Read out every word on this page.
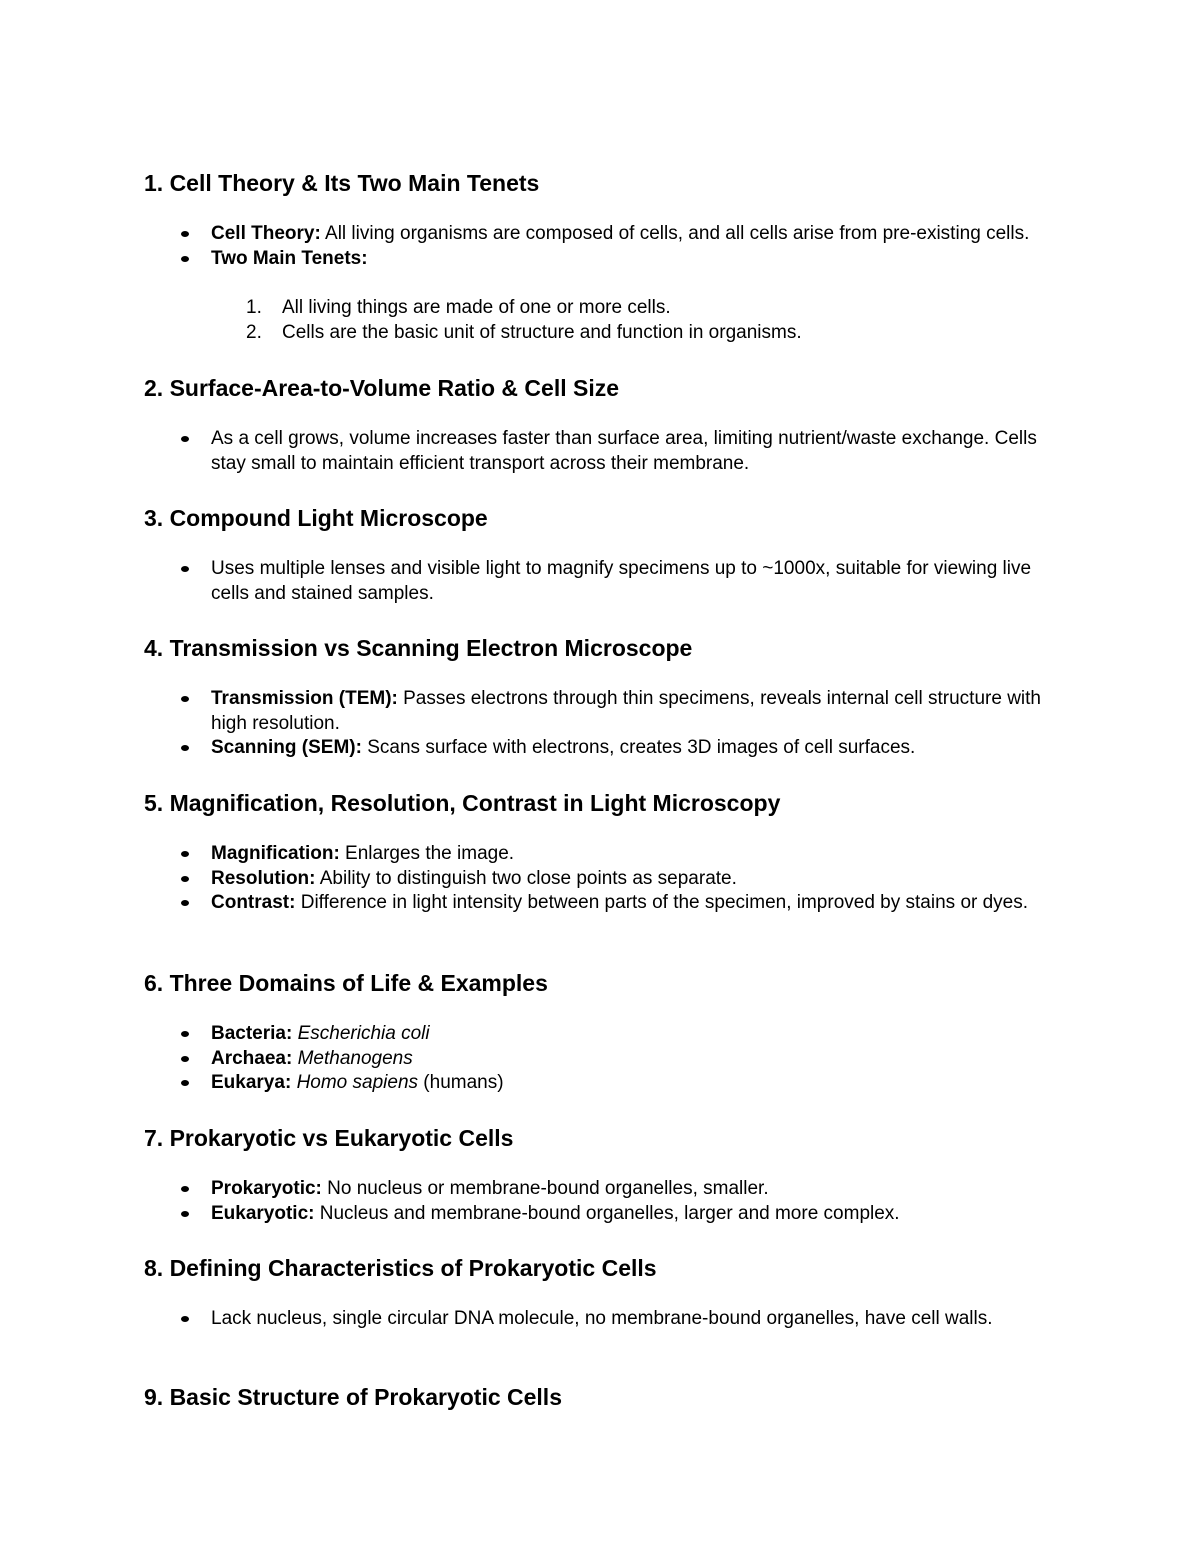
1. Cell Theory & Its Two Main Tenets
Cell Theory: All living organisms are composed of cells, and all cells arise from pre-existing cells.
Two Main Tenets:
1. All living things are made of one or more cells.
2. Cells are the basic unit of structure and function in organisms.
2. Surface-Area-to-Volume Ratio & Cell Size
As a cell grows, volume increases faster than surface area, limiting nutrient/waste exchange. Cells stay small to maintain efficient transport across their membrane.
3. Compound Light Microscope
Uses multiple lenses and visible light to magnify specimens up to ~1000x, suitable for viewing live cells and stained samples.
4. Transmission vs Scanning Electron Microscope
Transmission (TEM): Passes electrons through thin specimens, reveals internal cell structure with high resolution.
Scanning (SEM): Scans surface with electrons, creates 3D images of cell surfaces.
5. Magnification, Resolution, Contrast in Light Microscopy
Magnification: Enlarges the image.
Resolution: Ability to distinguish two close points as separate.
Contrast: Difference in light intensity between parts of the specimen, improved by stains or dyes.
6. Three Domains of Life & Examples
Bacteria: Escherichia coli
Archaea: Methanogens
Eukarya: Homo sapiens (humans)
7. Prokaryotic vs Eukaryotic Cells
Prokaryotic: No nucleus or membrane-bound organelles, smaller.
Eukaryotic: Nucleus and membrane-bound organelles, larger and more complex.
8. Defining Characteristics of Prokaryotic Cells
Lack nucleus, single circular DNA molecule, no membrane-bound organelles, have cell walls.
9. Basic Structure of Prokaryotic Cells
